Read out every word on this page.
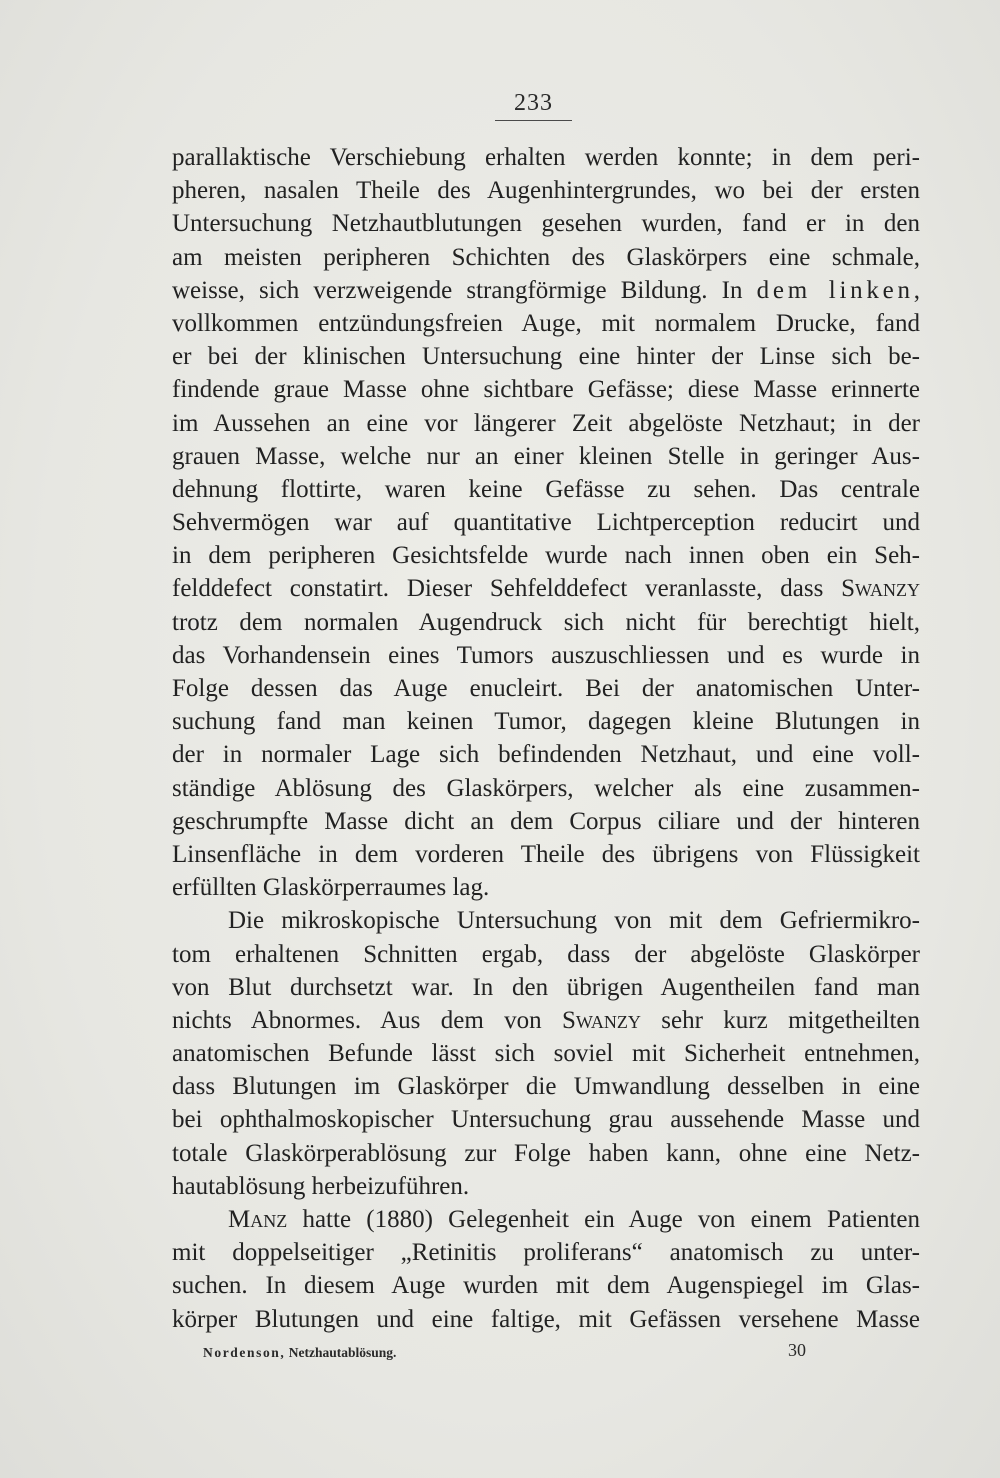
233
parallaktische Verschiebung erhalten werden konnte; in dem peri-
pheren, nasalen Theile des Augenhintergrundes, wo bei der ersten
Untersuchung Netzhautblutungen gesehen wurden, fand er in den
am meisten peripheren Schichten des Glaskörpers eine schmale,
weisse, sich verzweigende strangförmige Bildung. In dem linken,
vollkommen entzündungsfreien Auge, mit normalem Drucke, fand
er bei der klinischen Untersuchung eine hinter der Linse sich be-
findende graue Masse ohne sichtbare Gefässe; diese Masse erinnerte
im Aussehen an eine vor längerer Zeit abgelöste Netzhaut; in der
grauen Masse, welche nur an einer kleinen Stelle in geringer Aus-
dehnung flottirte, waren keine Gefässe zu sehen. Das centrale
Sehvermögen war auf quantitative Lichtperception reducirt und
in dem peripheren Gesichtsfelde wurde nach innen oben ein Seh-
felddefect constatirt. Dieser Sehfelddefect veranlasste, dass Swanzy
trotz dem normalen Augendruck sich nicht für berechtigt hielt,
das Vorhandensein eines Tumors auszuschliessen und es wurde in
Folge dessen das Auge enucleirt. Bei der anatomischen Unter-
suchung fand man keinen Tumor, dagegen kleine Blutungen in
der in normaler Lage sich befindenden Netzhaut, und eine voll-
ständige Ablösung des Glaskörpers, welcher als eine zusammen-
geschrumpfte Masse dicht an dem Corpus ciliare und der hinteren
Linsenfläche in dem vorderen Theile des übrigens von Flüssigkeit
erfüllten Glaskörperraumes lag.
Die mikroskopische Untersuchung von mit dem Gefriermikro-
tom erhaltenen Schnitten ergab, dass der abgelöste Glaskörper
von Blut durchsetzt war. In den übrigen Augentheilen fand man
nichts Abnormes. Aus dem von Swanzy sehr kurz mitgetheilten
anatomischen Befunde lässt sich soviel mit Sicherheit entnehmen,
dass Blutungen im Glaskörper die Umwandlung desselben in eine
bei ophthalmoskopischer Untersuchung grau aussehende Masse und
totale Glaskörperablösung zur Folge haben kann, ohne eine Netz-
hautablösung herbeizuführen.
Manz hatte (1880) Gelegenheit ein Auge von einem Patienten
mit doppelseitiger „Retinitis proliferans“ anatomisch zu unter-
suchen. In diesem Auge wurden mit dem Augenspiegel im Glas-
körper Blutungen und eine faltige, mit Gefässen versehene Masse
Nordenson, Netzhautablösung.	30
